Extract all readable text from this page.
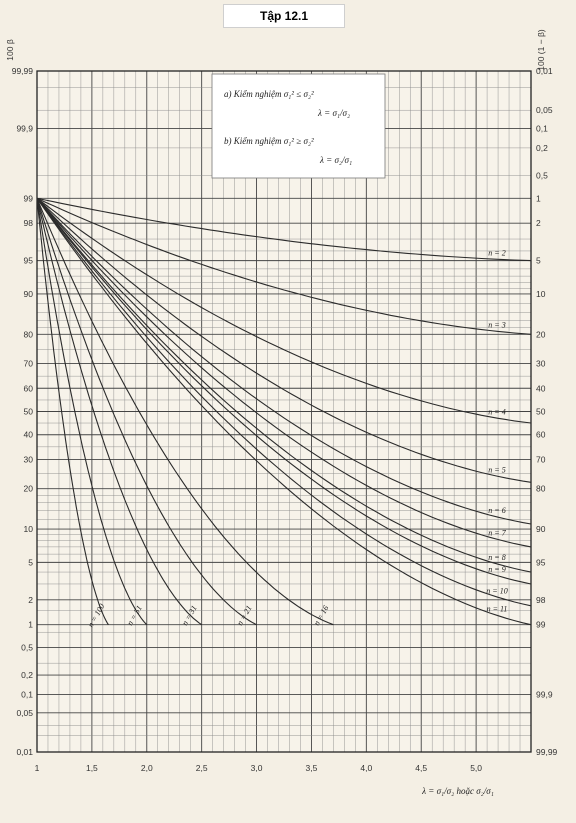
Tập 12.1
99,99
99,9
99
98
95
90
80
70
60
50
40
30
20
10
5
2
1
0,5
0,2
0,1
0,05
0,01
0,01
0,05
0,1
0,2
0,5
1
2
5
10
20
30
40
50
60
70
80
90
95
98
99
99,9
99,99
1	1,5	2,0	2,5	3,0	3,5	4,0	4,5	5,0
100 β	100 (1 − β)
λ = σ₁/σ₂ hoặc σ₂/σ₁
a) Kiểm nghiệm σ₁² ≤ σ₂²
λ = σ₁/σ₂
b) Kiểm nghiệm σ₁² ≥ σ₂²
λ = σ₂/σ₁
n = 2
n = 3
n = 4
n = 5
n = 6
n = 7
n = 8
n = 9
n = 10
n = 11
n = 16
n = 21
n = 31
n = 51
n = 100
